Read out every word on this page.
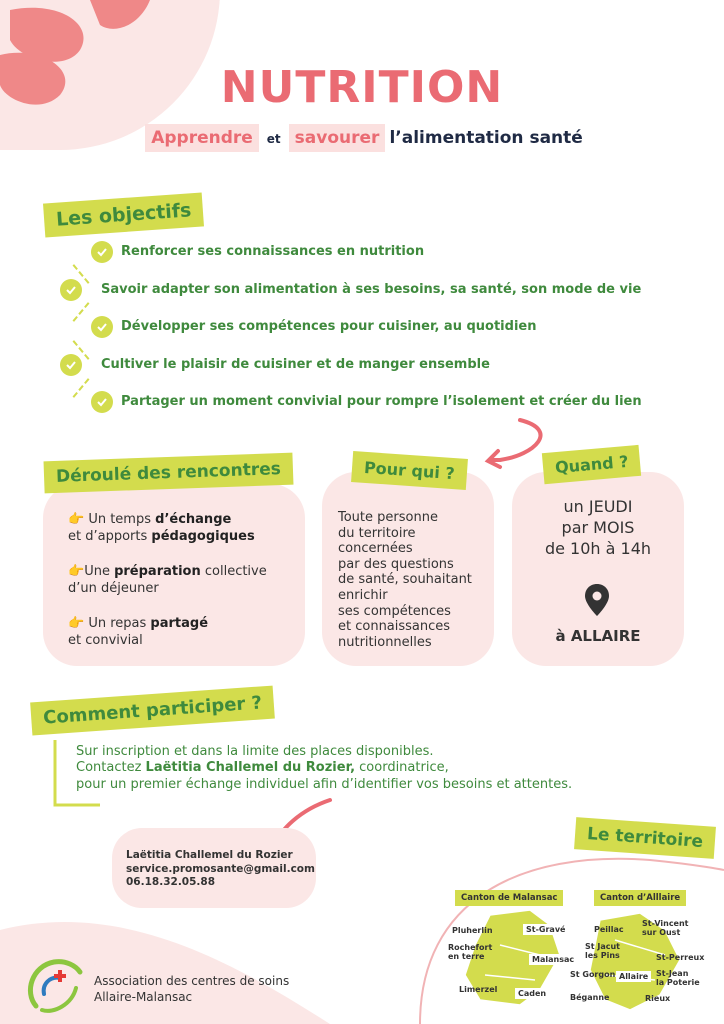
NUTRITION
Apprendre et savourer l’alimentation santé
Les objectifs
Renforcer ses connaissances en nutrition
Savoir adapter son alimentation à ses besoins, sa santé, son mode de vie
Développer ses compétences pour cuisiner, au quotidien
Cultiver le plaisir de cuisiner et de manger ensemble
Partager un moment convivial pour rompre l’isolement et créer du lien
Déroulé des rencontres	Pour qui ?	Quand ?
👉 Un temps d’échange
et d’apports pédagogiques
👉Une préparation collective
d’un déjeuner
👉 Un repas partagé
et convivial
Toute personne
du territoire
concernées
par des questions
de santé, souhaitant
enrichir
ses compétences
et connaissances
nutritionnelles
un JEUDI
par MOIS
de 10h à 14h
à ALLAIRE
Comment participer ?
Sur inscription et dans la limite des places disponibles.
Contactez Laëtitia Challemel du Rozier, coordinatrice,
pour un premier échange individuel afin d’identifier vos besoins et attentes.
Laëtitia Challemel du Rozier
service.promosante@gmail.com
06.18.32.05.88
Le territoire
Canton de Malansac	Canton d’Alllaire
Pluherlin	St-Gravé
Rochefort
en terre	Malansac
Limerzel	Caden
Peillac
St-Vincent
sur Oust
St Jacut
les Pins	St-Perreux
St Gorgon Allaire St-Jean
la Poterie
Béganne	Rieux
Association des centres de soins
Allaire-Malansac
